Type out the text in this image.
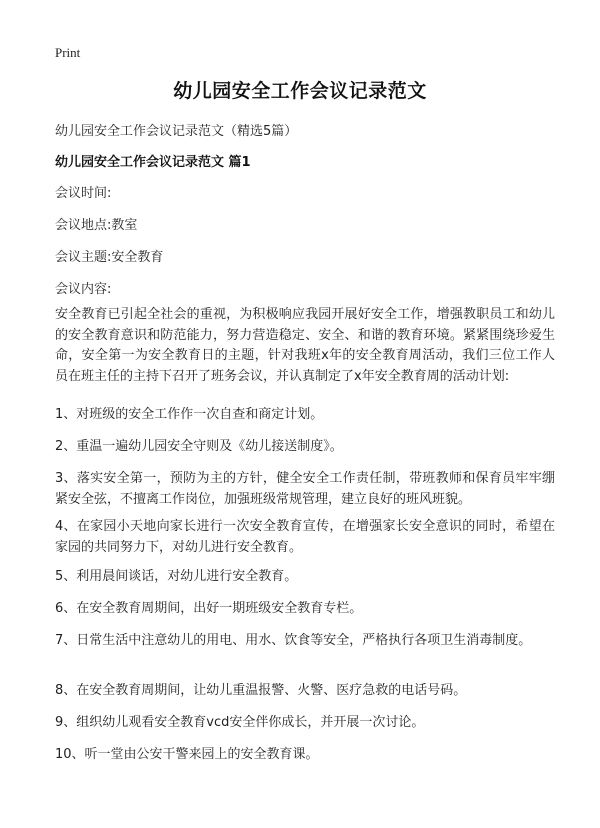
Print
幼儿园安全工作会议记录范文
幼儿园安全工作会议记录范文（精选5篇）
幼儿园安全工作会议记录范文 篇1
会议时间:
会议地点:教室
会议主题:安全教育
会议内容:
安全教育已引起全社会的重视，为积极响应我园开展好安全工作，增强教职员工和幼儿的安全教育意识和防范能力，努力营造稳定、安全、和谐的教育环境。紧紧围绕珍爱生命，安全第一为安全教育日的主题，针对我班x年的安全教育周活动，我们三位工作人员在班主任的主持下召开了班务会议，并认真制定了x年安全教育周的活动计划:
1、对班级的安全工作作一次自查和商定计划。
2、重温一遍幼儿园安全守则及《幼儿接送制度》。
3、落实安全第一，预防为主的方针，健全安全工作责任制，带班教师和保育员牢牢绷紧安全弦，不擅离工作岗位，加强班级常规管理，建立良好的班风班貌。
4、在家园小天地向家长进行一次安全教育宣传，在增强家长安全意识的同时，希望在家园的共同努力下，对幼儿进行安全教育。
5、利用晨间谈话，对幼儿进行安全教育。
6、在安全教育周期间，出好一期班级安全教育专栏。
7、日常生活中注意幼儿的用电、用水、饮食等安全，严格执行各项卫生消毒制度。
8、在安全教育周期间，让幼儿重温报警、火警、医疗急救的电话号码。
9、组织幼儿观看安全教育vcd安全伴你成长，并开展一次讨论。
10、听一堂由公安干警来园上的安全教育课。
